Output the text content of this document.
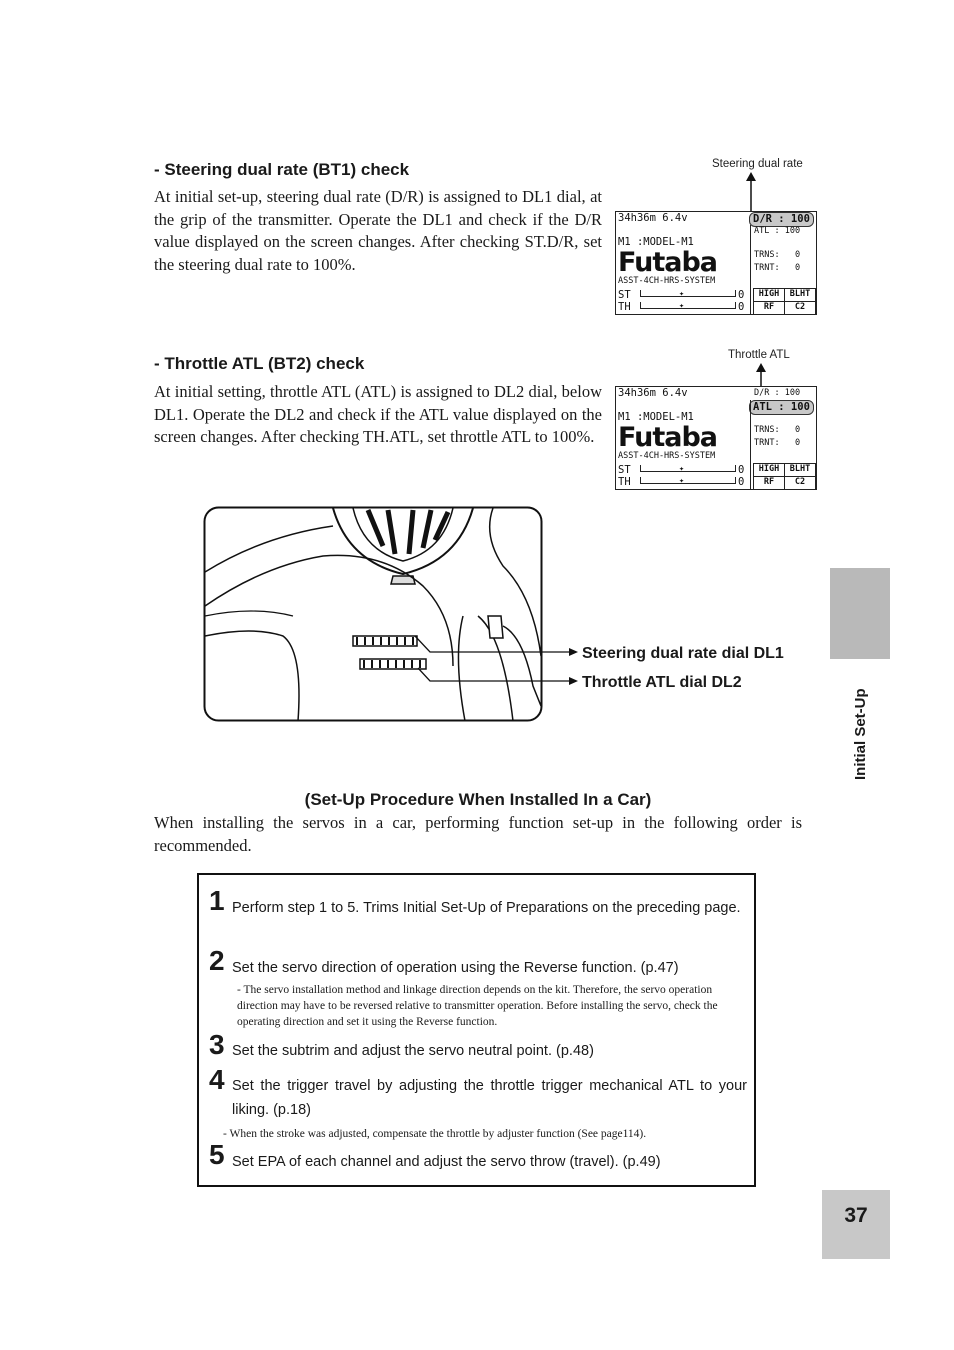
- Steering dual rate (BT1) check
At initial set-up, steering dual rate (D/R) is assigned to DL1 dial, at the grip of the transmitter. Operate the DL1 and check if the D/R value displayed on the screen changes. After checking ST.D/R, set the steering dual rate to 100%.
Steering dual rate
34h36m 6.4v	D/R : 100
ATL : 100
M1 :MODEL-M1
Futaba
ASST-4CH-HRS-SYSTEM
TRNS:   0
TRNT:   0
ST
TH
✦
✦
0
0
HIGH	BLHT
RF	C2
- Throttle ATL (BT2) check
At initial setting, throttle ATL (ATL) is assigned to DL2 dial, below DL1. Operate the DL2 and check if the ATL value displayed on the screen changes. After checking TH.ATL, set throttle ATL to 100%.
Throttle ATL
34h36m 6.4v	D/R : 100
ATL : 100
M1 :MODEL-M1
Futaba
ASST-4CH-HRS-SYSTEM
TRNS:   0
TRNT:   0
ST
TH
✦
✦
0
0
HIGH	BLHT
RF	C2
Steering dual rate dial DL1
Throttle ATL dial DL2
(Set-Up Procedure When Installed In a Car)
When installing the servos in a car, performing function set-up in the following order is recommended.
1 Perform step 1 to 5. Trims Initial Set-Up of Preparations on the preceding page.
2 Set the servo direction of operation using the Reverse function. (p.47)
- The servo installation method and linkage direction depends on the kit. Therefore, the servo operation direction may have to be reversed relative to transmitter operation. Before installing the servo, check the operating direction and set it using the Reverse function.
3 Set the subtrim and adjust the servo neutral point. (p.48)
4 Set the trigger travel by adjusting the throttle trigger mechanical ATL to your liking. (p.18)
- When the stroke was adjusted, compensate the throttle by adjuster function (See page114).
5 Set EPA of each channel and adjust the servo throw (travel). (p.49)
Initial Set-Up
37
